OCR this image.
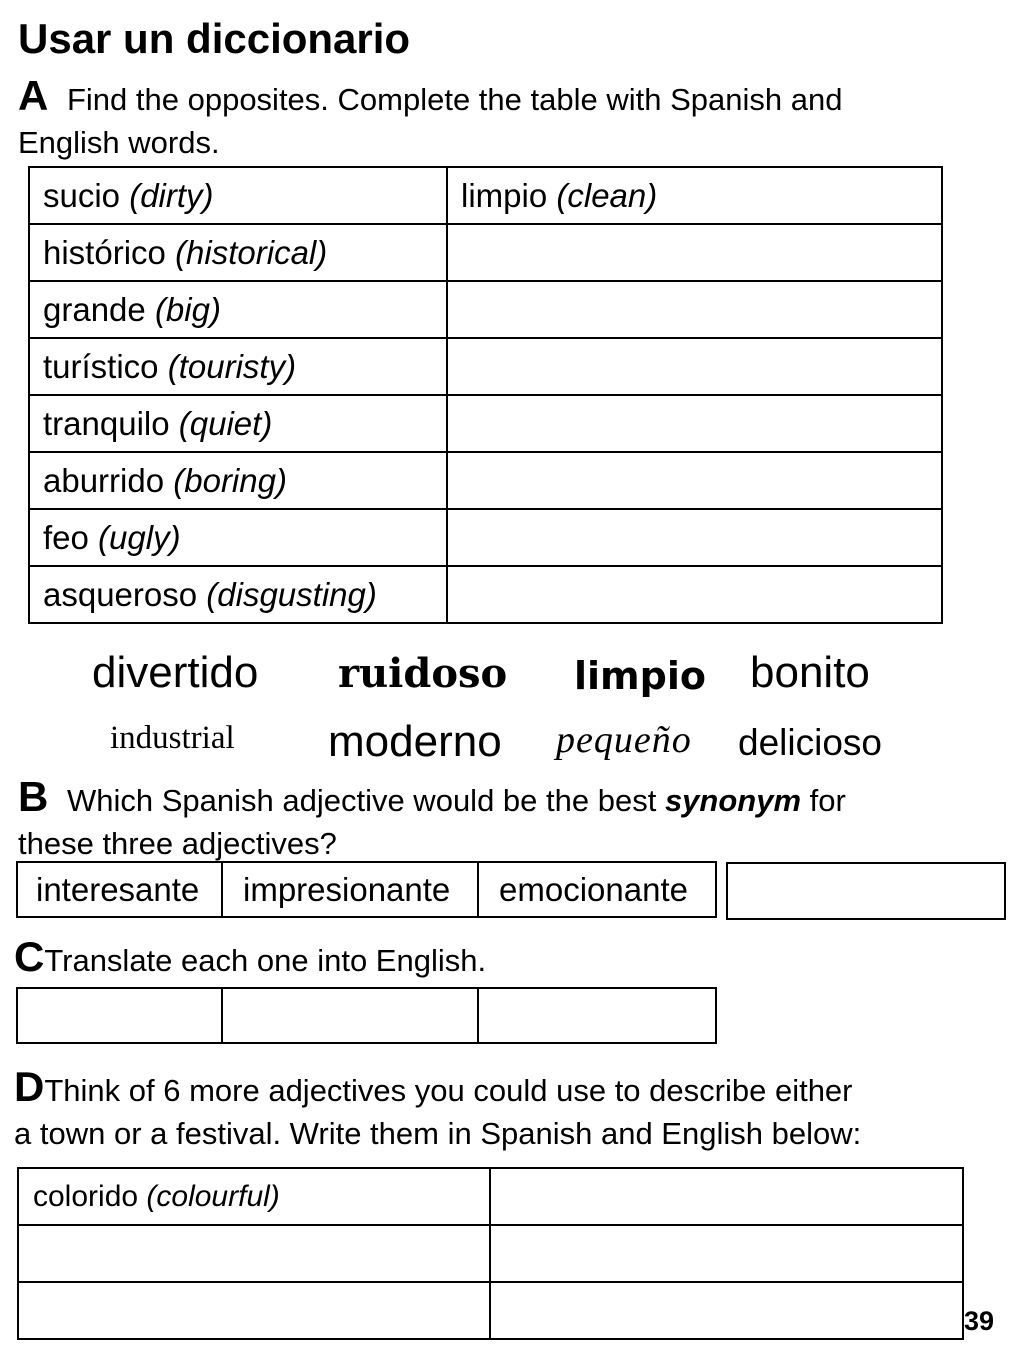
Usar un diccionario
A Find the opposites. Complete the table with Spanish and
English words.
sucio (dirty)	limpio (clean)
histórico (historical)	
grande (big)	
turístico (touristy)	
tranquilo (quiet)	
aburrido (boring)	
feo (ugly)	
asqueroso (disgusting)	
divertido ruidoso limpio bonito
industrial moderno pequeño delicioso
B Which Spanish adjective would be the best synonym for
these three adjectives?
interesante	impresionante	emocionante
CTranslate each one into English.

DThink of 6 more adjectives you could use to describe either
a town or a festival. Write them in Spanish and English below:
colorido (colourful)	

39
